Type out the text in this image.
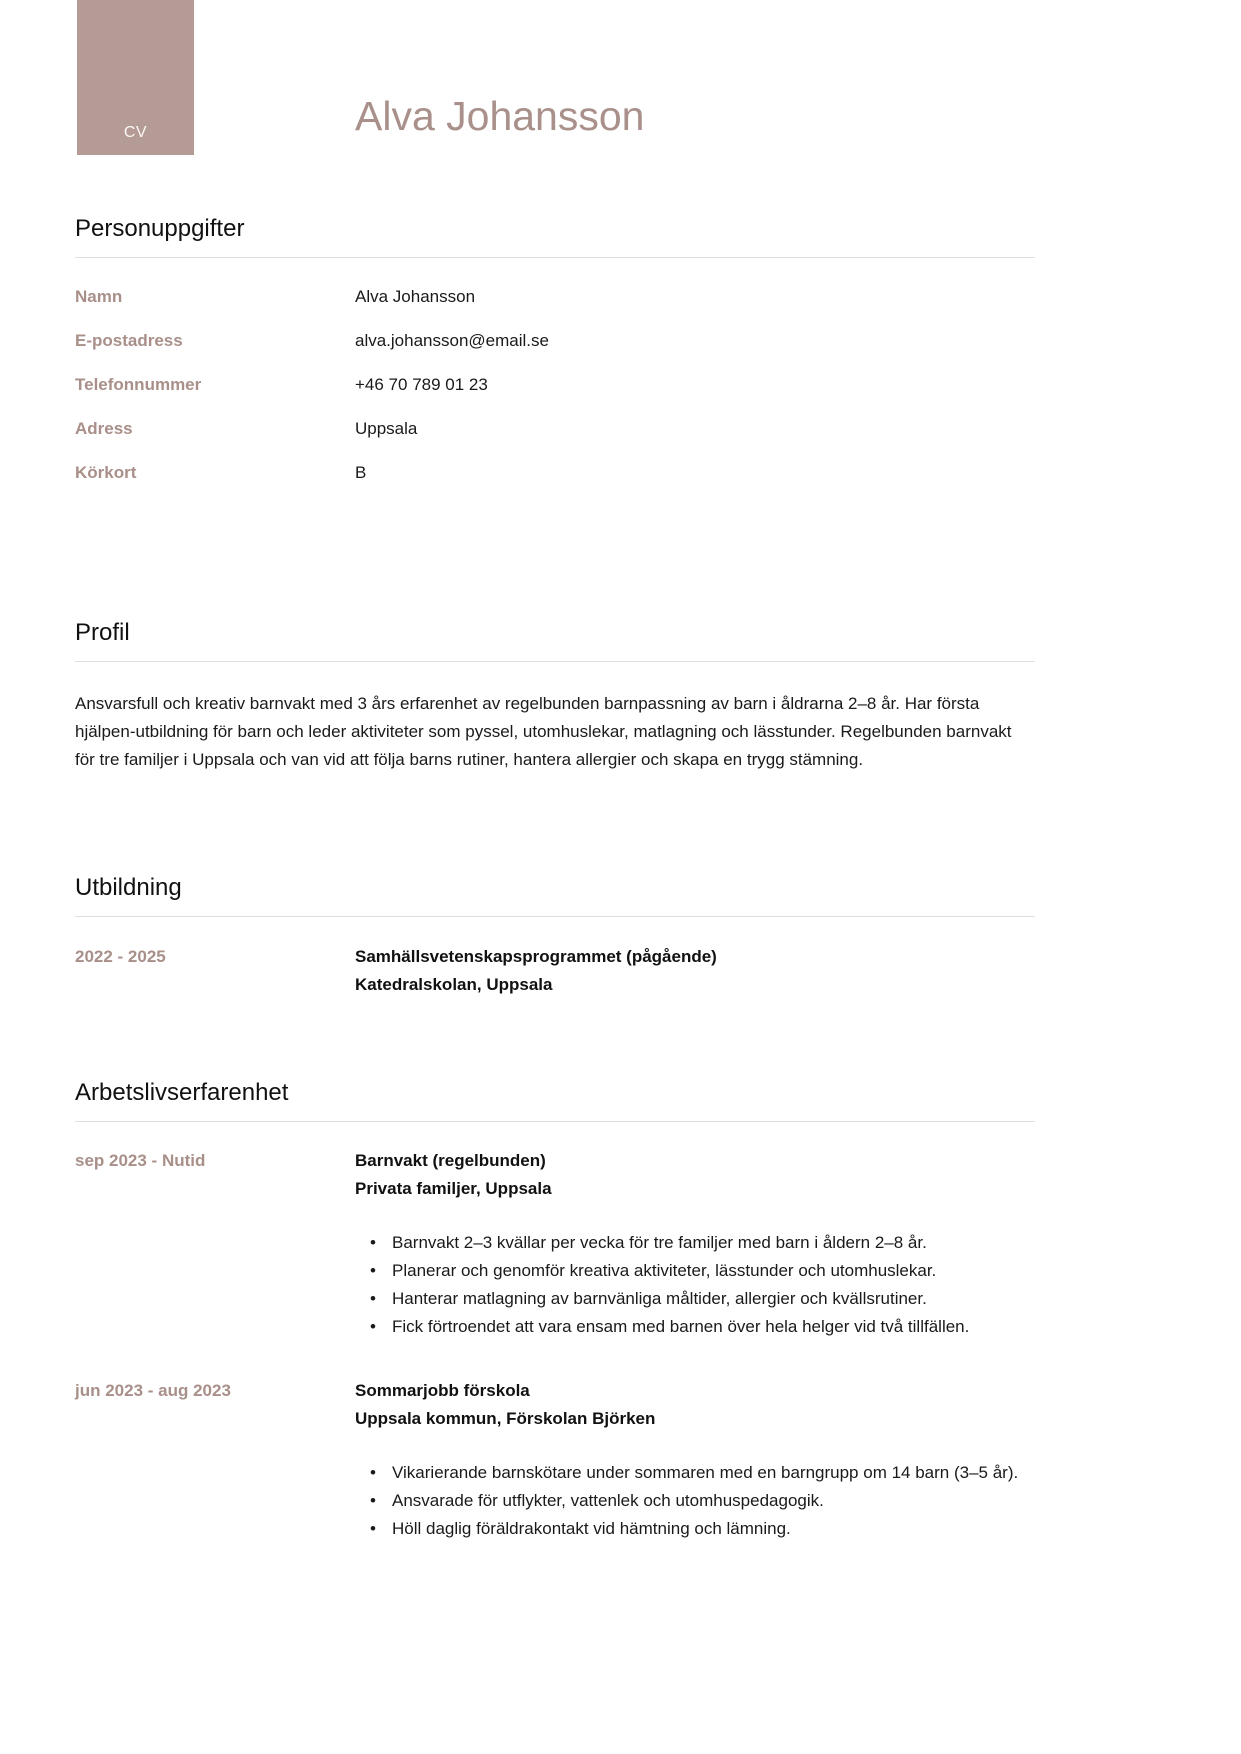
CV	Alva Johansson
Personuppgifter
Namn	Alva Johansson
E-postadress	alva.johansson@email.se
Telefonnummer	+46 70 789 01 23
Adress	Uppsala
Körkort	B
Profil

Ansvarsfull och kreativ barnvakt med 3 års erfarenhet av regelbunden barnpassning av barn i åldrarna 2–8 år. Har första hjälpen-utbildning för barn och leder aktiviteter som pyssel, utomhuslekar, matlagning och lässtunder. Regelbunden barnvakt för tre familjer i Uppsala och van vid att följa barns rutiner, hantera allergier och skapa en trygg stämning.

Utbildning
2022 - 2025	Samhällsvetenskapsprogrammet (pågående)
Katedralskolan, Uppsala
Arbetslivserfarenhet
sep 2023 - Nutid	Barnvakt (regelbunden)
Privata familjer, Uppsala
• Barnvakt 2–3 kvällar per vecka för tre familjer med barn i åldern 2–8 år.
• Planerar och genomför kreativa aktiviteter, lässtunder och utomhuslekar.
• Hanterar matlagning av barnvänliga måltider, allergier och kvällsrutiner.
• Fick förtroendet att vara ensam med barnen över hela helger vid två tillfällen.
jun 2023 - aug 2023	Sommarjobb förskola
Uppsala kommun, Förskolan Björken
• Vikarierande barnskötare under sommaren med en barngrupp om 14 barn (3–5 år).
• Ansvarade för utflykter, vattenlek och utomhuspedagogik.
• Höll daglig föräldrakontakt vid hämtning och lämning.
